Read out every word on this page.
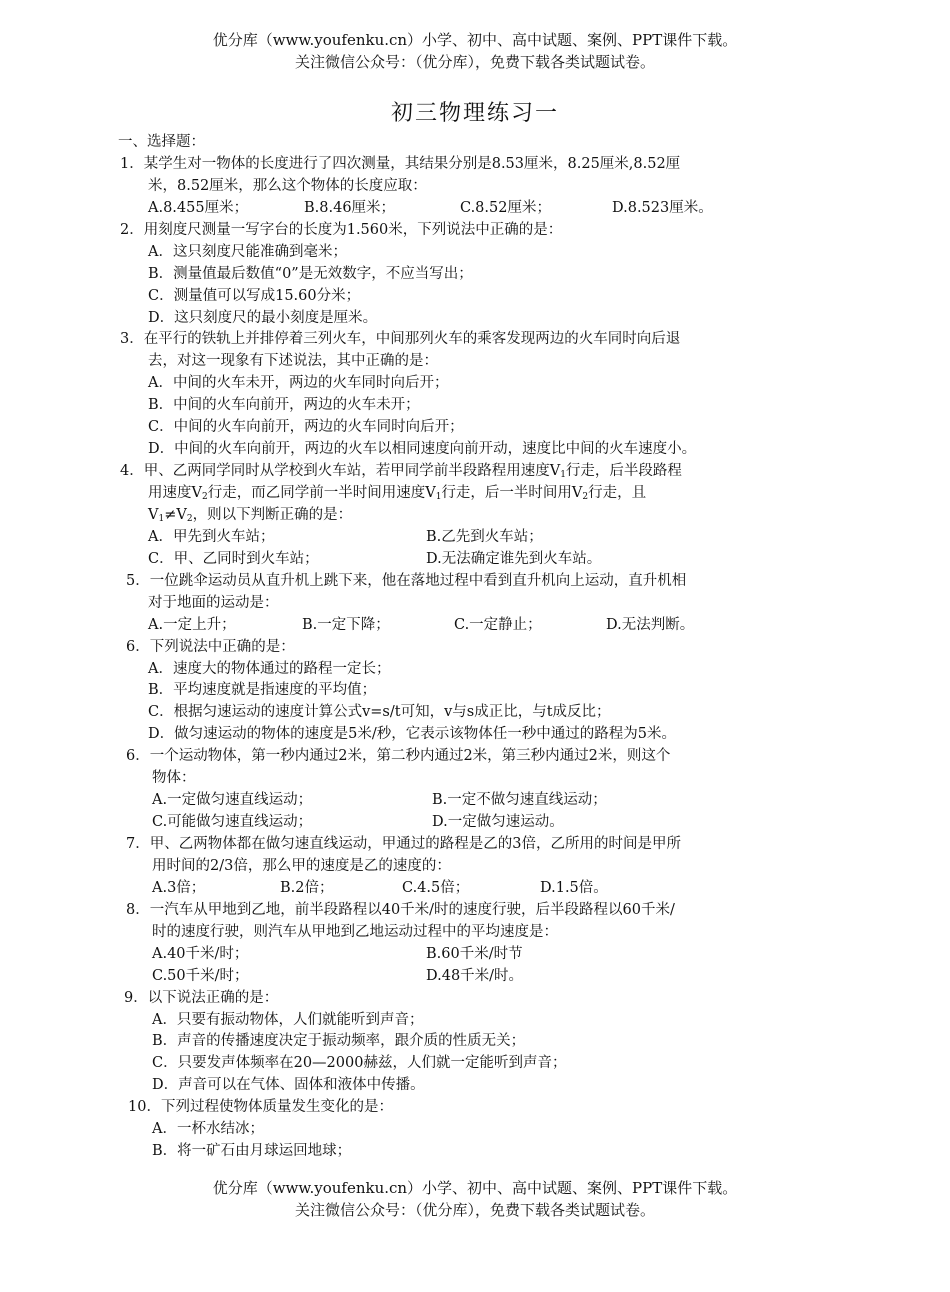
优分库（www.youfenku.cn）小学、初中、高中试题、案例、PPT课件下载。
关注微信公众号：（优分库），免费下载各类试题试卷。
初三物理练习一
一、选择题：
1．某学生对一物体的长度进行了四次测量，其结果分别是8.53厘米，8.25厘米,8.52厘
米，8.52厘米，那么这个物体的长度应取：
A.8.455厘米；	B.8.46厘米；	C.8.52厘米；	D.8.523厘米。
2．用刻度尺测量一写字台的长度为1.560米，下列说法中正确的是：
A．这只刻度尺能准确到毫米；
B．测量值最后数值“0”是无效数字，不应当写出；
C．测量值可以写成15.60分米；
D．这只刻度尺的最小刻度是厘米。
3．在平行的铁轨上并排停着三列火车，中间那列火车的乘客发现两边的火车同时向后退
去，对这一现象有下述说法，其中正确的是：
A．中间的火车未开，两边的火车同时向后开；
B．中间的火车向前开，两边的火车未开；
C．中间的火车向前开，两边的火车同时向后开；
D．中间的火车向前开，两边的火车以相同速度向前开动，速度比中间的火车速度小。
4．甲、乙两同学同时从学校到火车站，若甲同学前半段路程用速度$V_1$行走，后半段路程
用速度$V_2$行走，而乙同学前一半时间用速度$V_1$行走，后一半时间用$V_2$行走，且
$V_1\ne V_2$，则以下判断正确的是：
A．甲先到火车站；	B.乙先到火车站；
C．甲、乙同时到火车站；	D.无法确定谁先到火车站。
5．一位跳伞运动员从直升机上跳下来，他在落地过程中看到直升机向上运动，直升机相
对于地面的运动是：
A.一定上升；	B.一定下降；	C.一定静止；	D.无法判断。
6．下列说法中正确的是：
A．速度大的物体通过的路程一定长；
B．平均速度就是指速度的平均值；
C．根据匀速运动的速度计算公式v=s/t可知，v与s成正比，与t成反比；
D．做匀速运动的物体的速度是5米/秒，它表示该物体任一秒中通过的路程为5米。
6．一个运动物体，第一秒内通过2米，第二秒内通过2米，第三秒内通过2米，则这个
物体：
A.一定做匀速直线运动；	B.一定不做匀速直线运动；
C.可能做匀速直线运动；	D.一定做匀速运动。
7．甲、乙两物体都在做匀速直线运动，甲通过的路程是乙的3倍，乙所用的时间是甲所
用时间的2/3倍，那么甲的速度是乙的速度的：
A.3倍；	B.2倍；	C.4.5倍；	D.1.5倍。
8．一汽车从甲地到乙地，前半段路程以40千米/时的速度行驶，后半段路程以60千米/
时的速度行驶，则汽车从甲地到乙地运动过程中的平均速度是：
A.40千米/时；	B.60千米/时节
C.50千米/时；	D.48千米/时。
9．以下说法正确的是：
A．只要有振动物体，人们就能听到声音；
B．声音的传播速度决定于振动频率，跟介质的性质无关；
C．只要发声体频率在20—2000赫兹，人们就一定能听到声音；
D．声音可以在气体、固体和液体中传播。
10．下列过程使物体质量发生变化的是：
A．一杯水结冰；
B．将一矿石由月球运回地球；
优分库（www.youfenku.cn）小学、初中、高中试题、案例、PPT课件下载。
关注微信公众号：（优分库），免费下载各类试题试卷。
